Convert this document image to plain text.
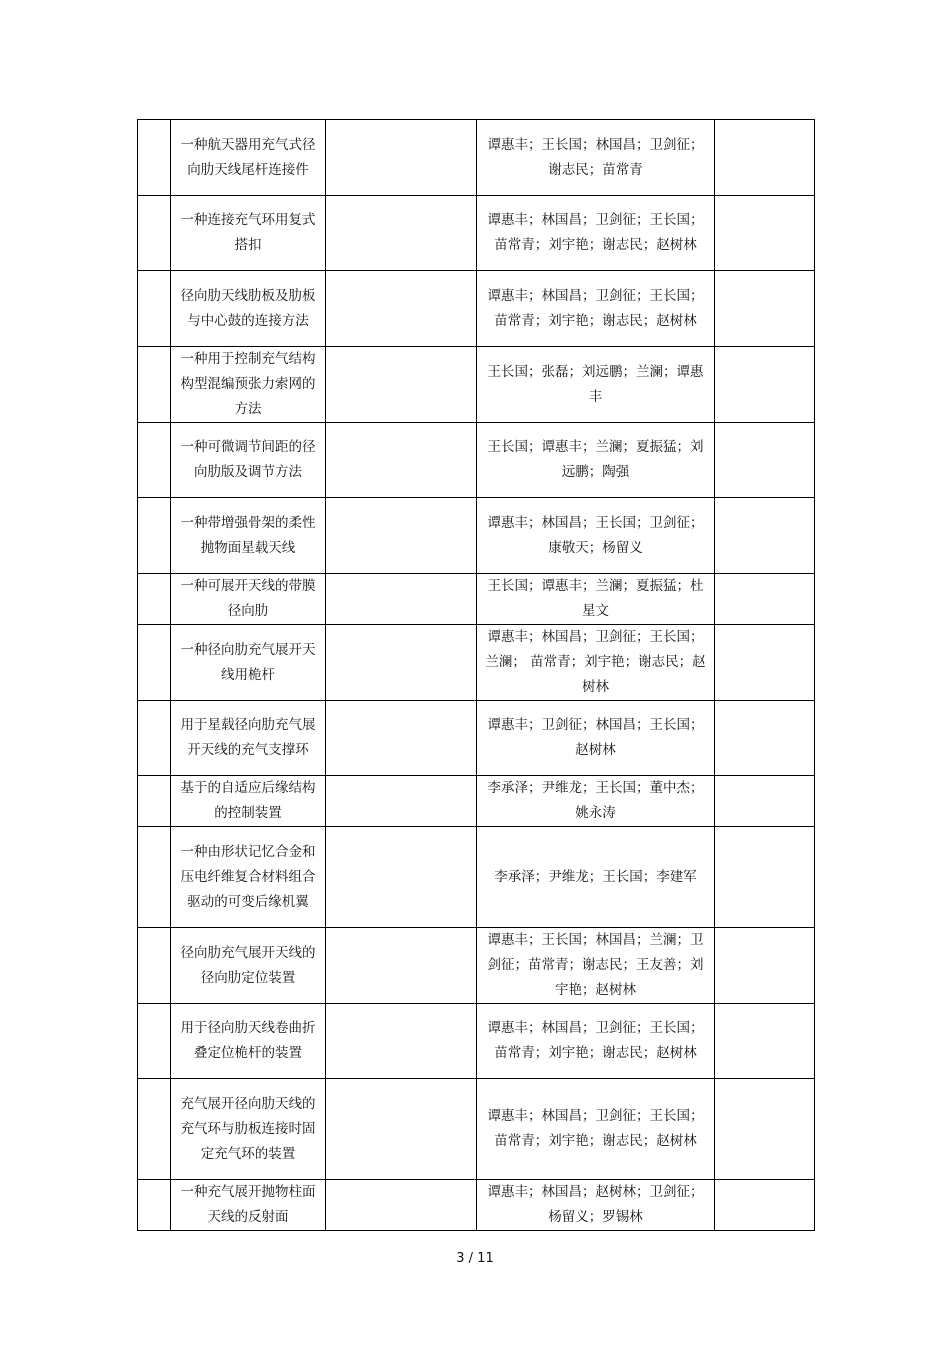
	一种航天器用充气式径向肋天线尾杆连接件		谭惠丰；王长国；林国昌；卫剑征；谢志民；苗常青	
	一种连接充气环用复式搭扣		谭惠丰；林国昌；卫剑征；王长国；苗常青；刘宇艳；谢志民；赵树林	
	径向肋天线肋板及肋板与中心鼓的连接方法		谭惠丰；林国昌；卫剑征；王长国；苗常青；刘宇艳；谢志民；赵树林	
	一种用于控制充气结构构型混编预张力索网的方法		王长国；张磊；刘远鹏；兰澜；谭惠丰	
	一种可微调节间距的径向肋版及调节方法		王长国；谭惠丰；兰澜；夏振猛；刘远鹏；陶强	
	一种带增强骨架的柔性抛物面星载天线		谭惠丰；林国昌；王长国；卫剑征；康敬天；杨留义	
	一种可展开天线的带膜径向肋		王长国；谭惠丰；兰澜；夏振猛；杜星文	
	一种径向肋充气展开天线用桅杆		谭惠丰；林国昌；卫剑征；王长国；兰澜； 苗常青；刘宇艳；谢志民；赵树林	
	用于星载径向肋充气展开天线的充气支撑环		谭惠丰；卫剑征；林国昌；王长国；赵树林	
	基于的自适应后缘结构的控制装置		李承泽；尹维龙；王长国；董中杰；姚永涛	
	一种由形状记忆合金和压电纤维复合材料组合驱动的可变后缘机翼		李承泽；尹维龙；王长国；李建军	
	径向肋充气展开天线的径向肋定位装置		谭惠丰；王长国；林国昌；兰澜；卫剑征；苗常青；谢志民；王友善；刘宇艳；赵树林	
	用于径向肋天线卷曲折叠定位桅杆的装置		谭惠丰；林国昌；卫剑征；王长国；苗常青；刘宇艳；谢志民；赵树林	
	充气展开径向肋天线的充气环与肋板连接时固定充气环的装置		谭惠丰；林国昌；卫剑征；王长国；苗常青；刘宇艳；谢志民；赵树林	
	一种充气展开抛物柱面天线的反射面		谭惠丰；林国昌；赵树林；卫剑征；杨留义；罗锡林	
3 / 11
